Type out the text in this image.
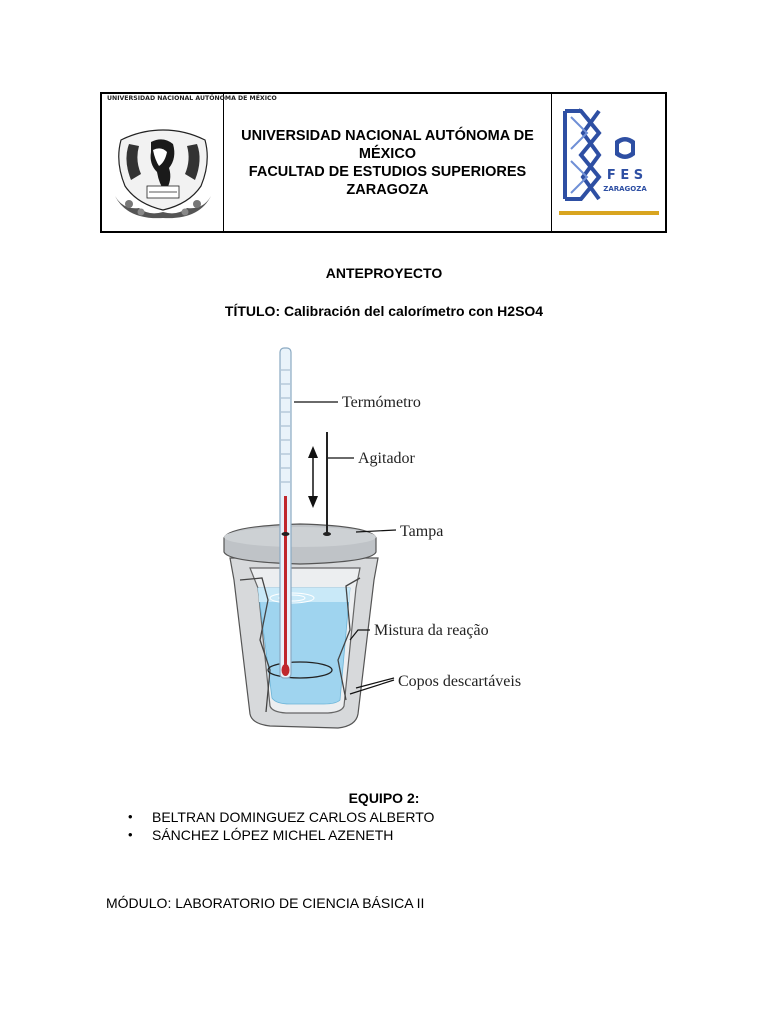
UNIVERSIDAD NACIONAL AUTÓNOMA DE MÉXICO
UNIVERSIDAD NACIONAL AUTÓNOMA DE
MÉXICO
FACULTAD DE ESTUDIOS SUPERIORES
ZARAGOZA
F E S
ZARAGOZA
ANTEPROYECTO
TÍTULO: Calibración del calorímetro con H2SO4
Termómetro
Agitador
Tampa
Mistura da reação
Copos descartáveis
EQUIPO 2:
• BELTRAN DOMINGUEZ CARLOS ALBERTO
• SÁNCHEZ LÓPEZ MICHEL AZENETH
MÓDULO: LABORATORIO DE CIENCIA BÁSICA II
